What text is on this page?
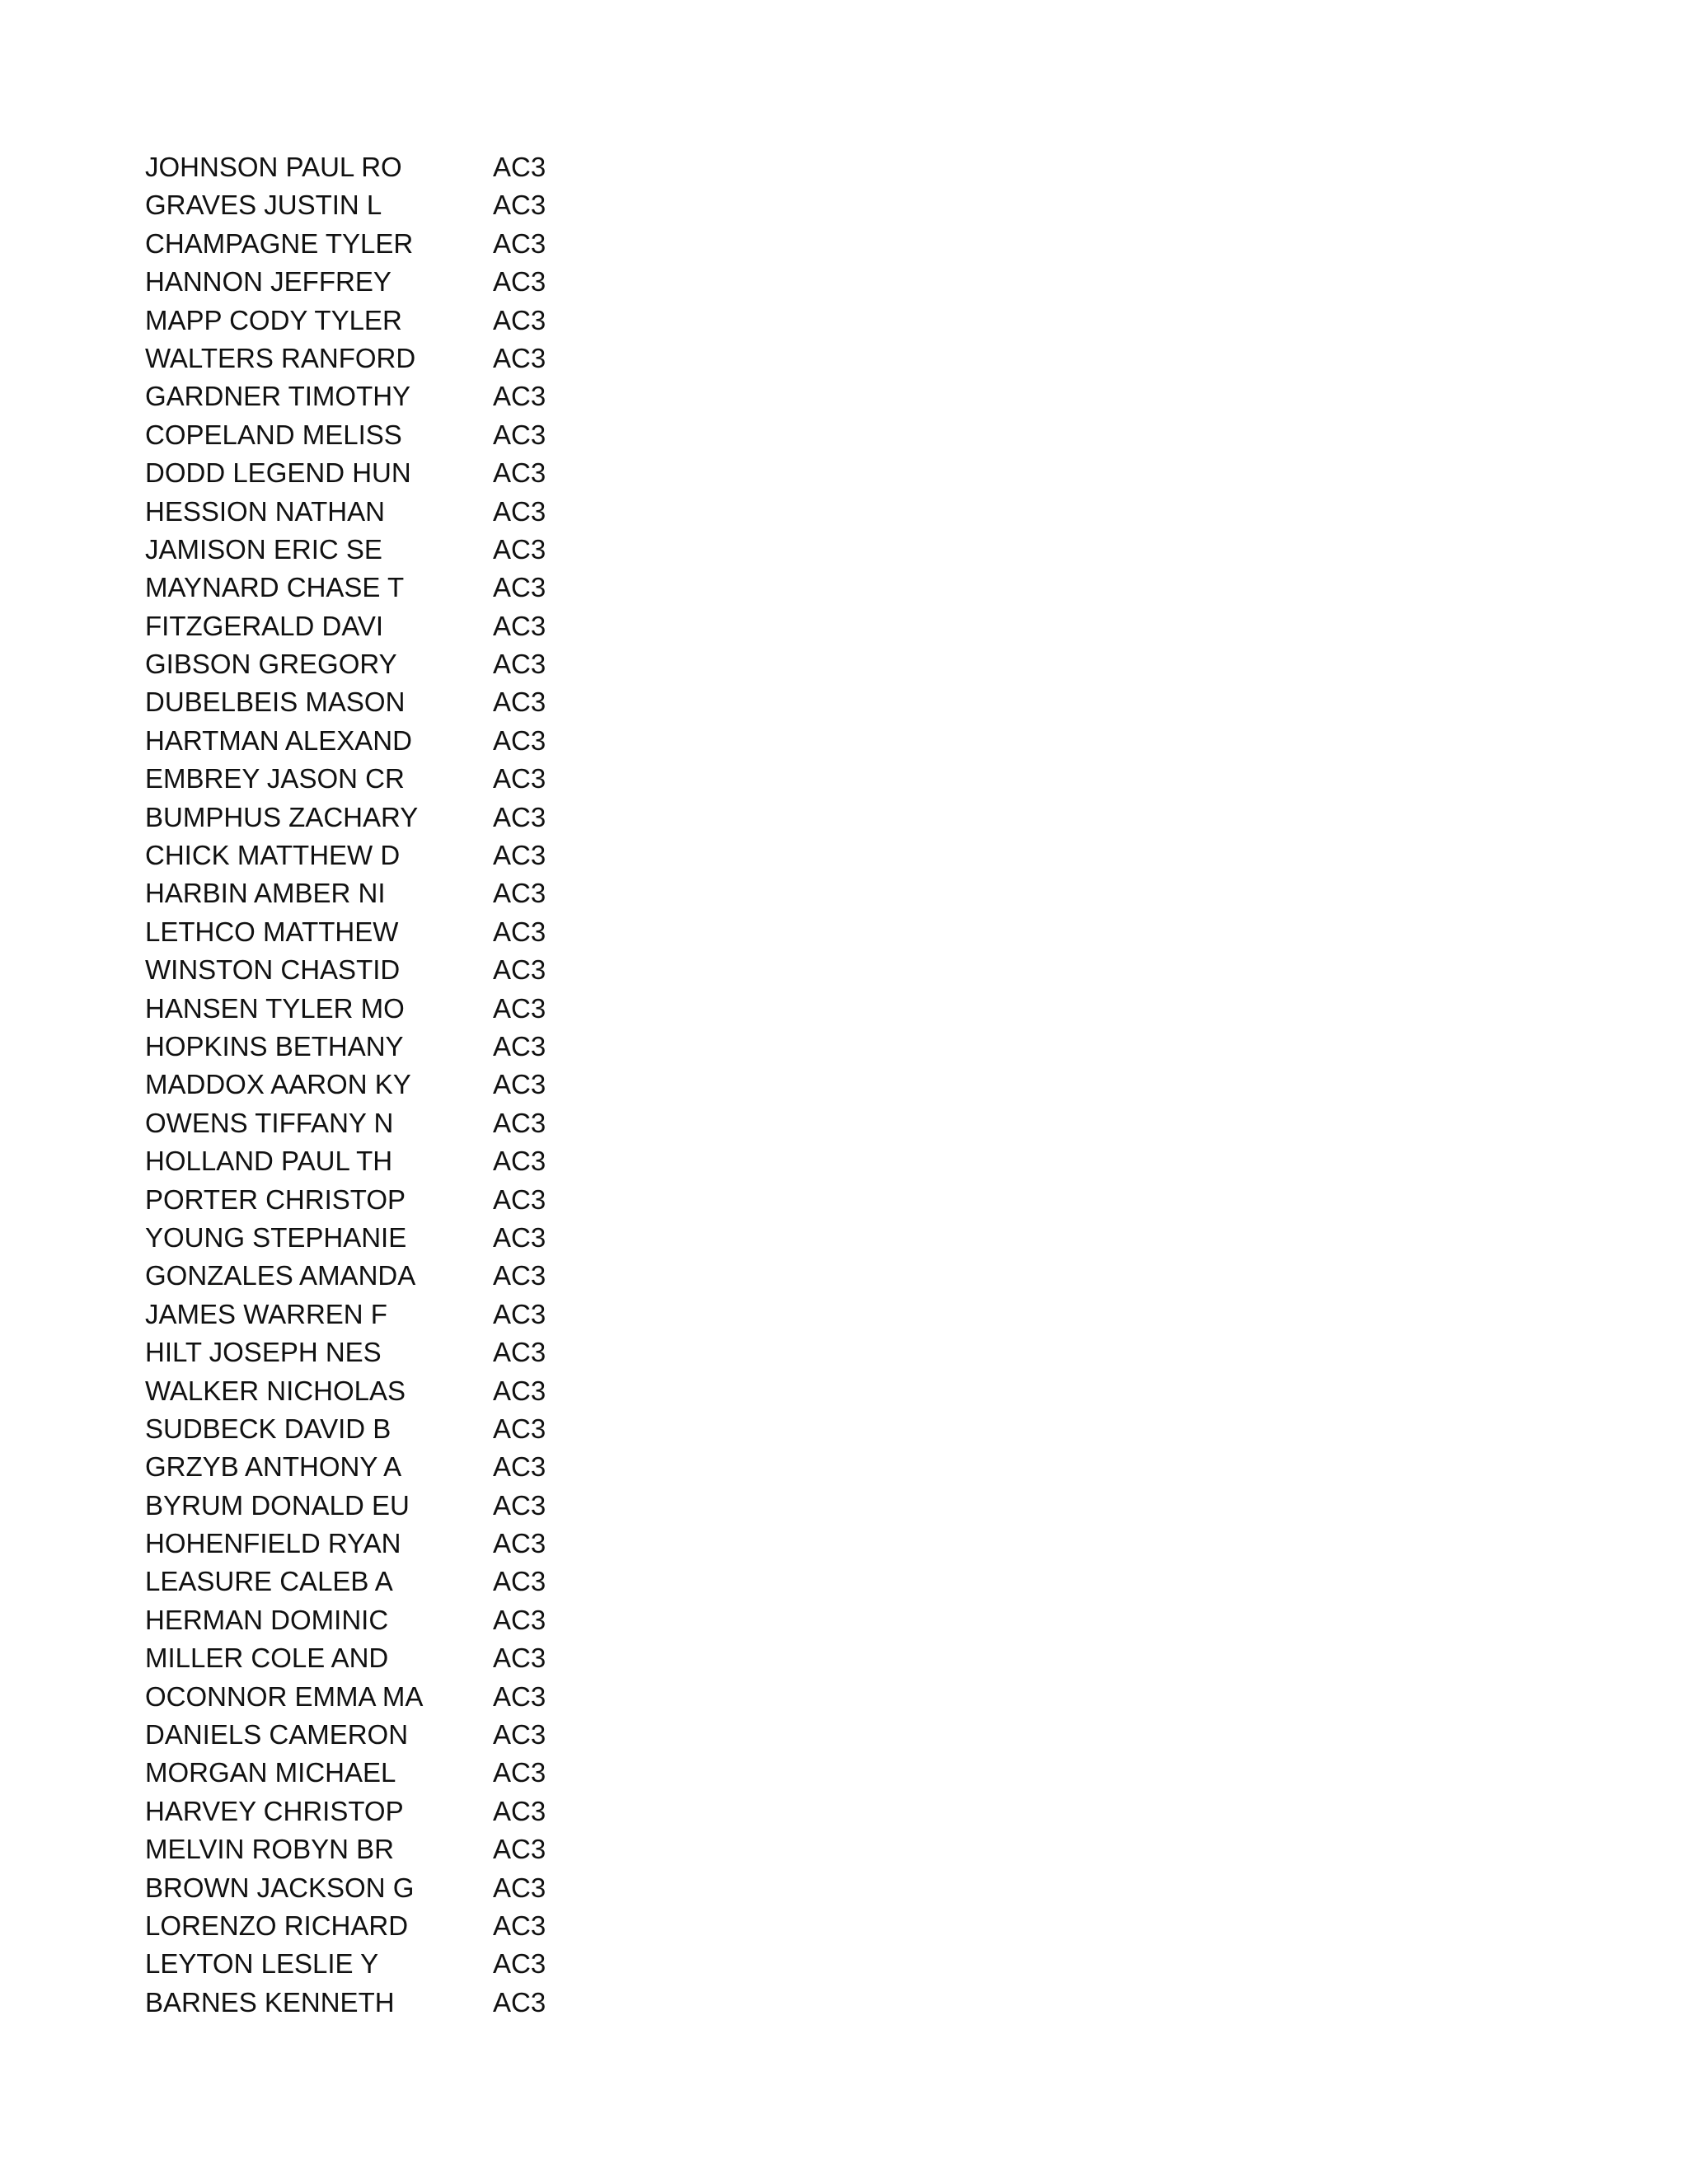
JOHNSON PAUL RO	AC3
GRAVES JUSTIN L	AC3
CHAMPAGNE TYLER	AC3
HANNON JEFFREY	AC3
MAPP CODY TYLER	AC3
WALTERS RANFORD	AC3
GARDNER TIMOTHY	AC3
COPELAND MELISS	AC3
DODD LEGEND HUN	AC3
HESSION NATHAN	AC3
JAMISON ERIC SE	AC3
MAYNARD CHASE T	AC3
FITZGERALD DAVI	AC3
GIBSON GREGORY	AC3
DUBELBEIS MASON	AC3
HARTMAN ALEXAND	AC3
EMBREY JASON CR	AC3
BUMPHUS ZACHARY	AC3
CHICK MATTHEW D	AC3
HARBIN AMBER NI	AC3
LETHCO MATTHEW	AC3
WINSTON CHASTID	AC3
HANSEN TYLER MO	AC3
HOPKINS BETHANY	AC3
MADDOX AARON KY	AC3
OWENS TIFFANY N	AC3
HOLLAND PAUL TH	AC3
PORTER CHRISTOP	AC3
YOUNG STEPHANIE	AC3
GONZALES AMANDA	AC3
JAMES WARREN F	AC3
HILT JOSEPH NES	AC3
WALKER NICHOLAS	AC3
SUDBECK DAVID B	AC3
GRZYB ANTHONY A	AC3
BYRUM DONALD EU	AC3
HOHENFIELD RYAN	AC3
LEASURE CALEB A	AC3
HERMAN DOMINIC	AC3
MILLER COLE AND	AC3
OCONNOR EMMA MA	AC3
DANIELS CAMERON	AC3
MORGAN MICHAEL	AC3
HARVEY CHRISTOP	AC3
MELVIN ROBYN BR	AC3
BROWN JACKSON G	AC3
LORENZO RICHARD	AC3
LEYTON LESLIE Y	AC3
BARNES KENNETH	AC3
